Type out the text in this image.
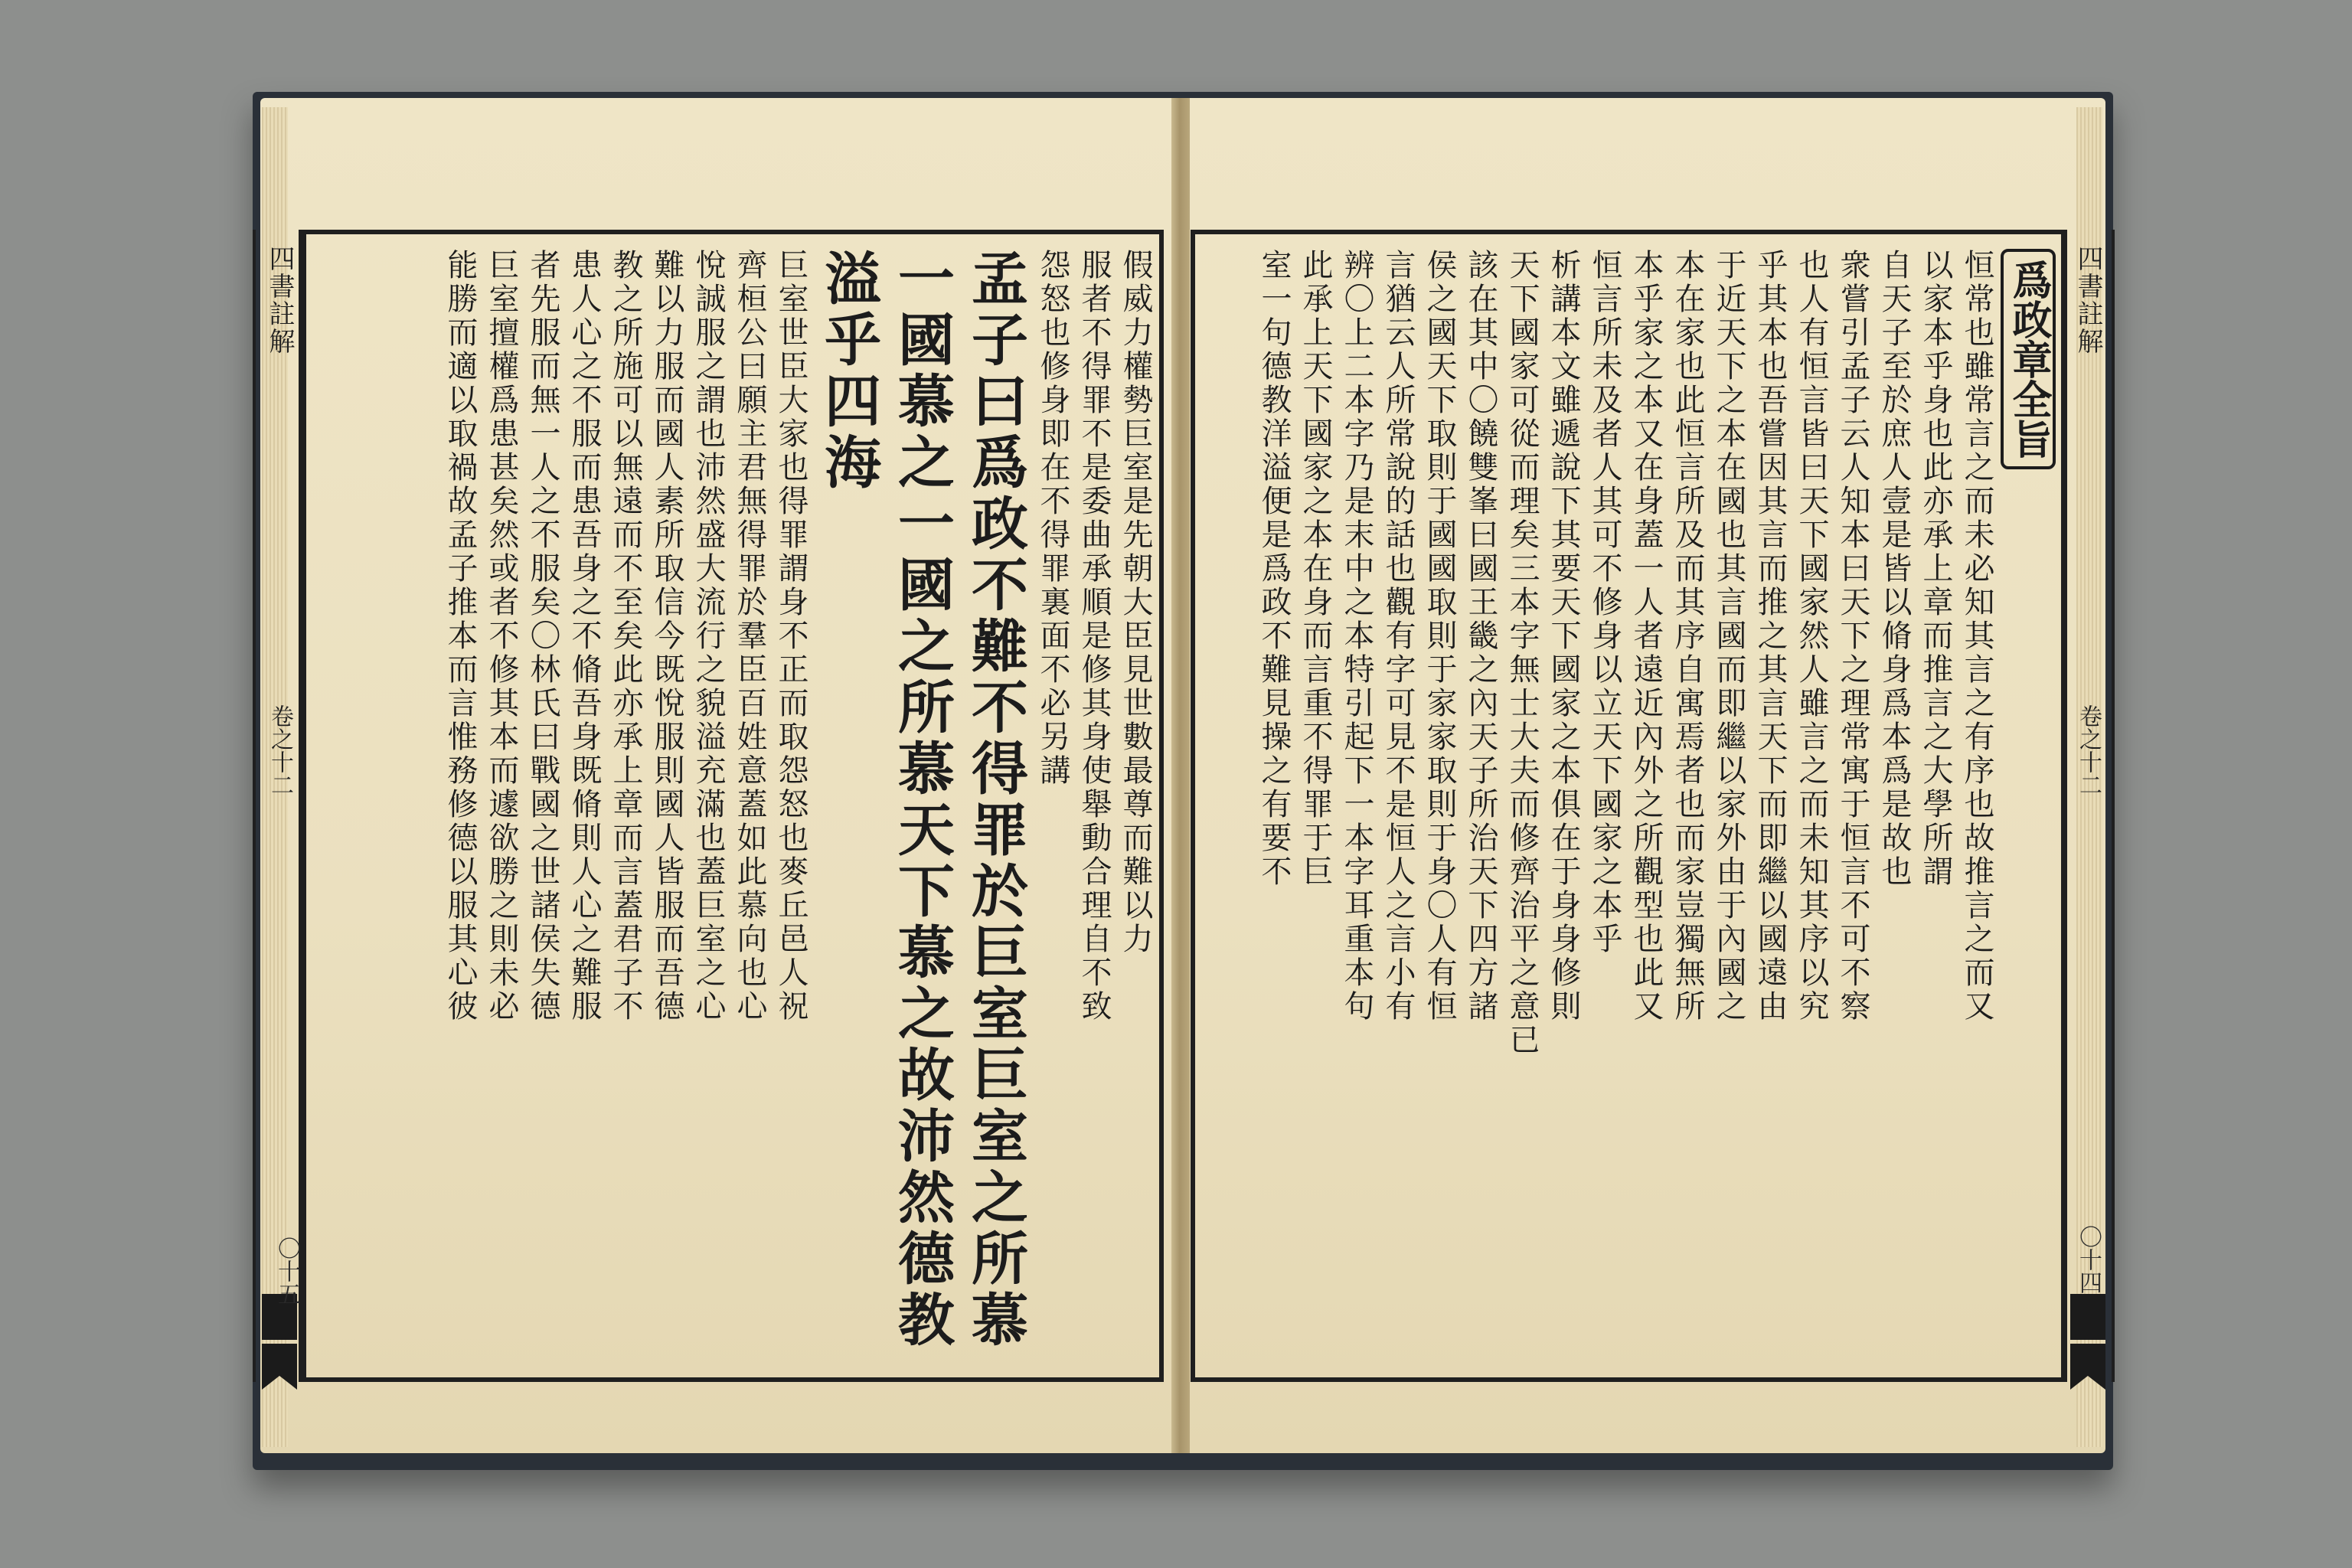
四書註解
卷之十二	假威力權勢巨室是先朝大臣見世數最尊而難以力
服者不得罪不是委曲承順是修其身使舉動合理自不致
怨怒也修身即在不得罪裏面不必另講
孟子曰爲政不難不得罪於巨室巨室之所慕
一國慕之一國之所慕天下慕之故沛然德教
溢乎四海
巨室世臣大家也得罪謂身不正而取怨怒也麥丘邑人祝
齊桓公曰願主君無得罪於羣臣百姓意蓋如此慕向也心
悅誠服之謂也沛然盛大流行之貌溢充滿也蓋巨室之心
難以力服而國人素所取信今既悅服則國人皆服而吾德
教之所施可以無遠而不至矣此亦承上章而言蓋君子不
患人心之不服而患吾身之不脩吾身既脩則人心之難服
者先服而無一人之不服矣〇林氏曰戰國之世諸侯失德
巨室擅權爲患甚矣然或者不修其本而遽欲勝之則未必
能勝而適以取禍故孟子推本而言惟務修德以服其心彼	四書註解
卷之十二
爲政章全旨
恒常也雖常言之而未必知其言之有序也故推言之而又
以家本乎身也此亦承上章而推言之大學所謂
自天子至於庶人壹是皆以脩身爲本爲是故也
衆嘗引孟子云人知本曰天下之理常寓于恒言不可不察
也人有恒言皆曰天下國家然人雖言之而未知其序以究
乎其本也吾嘗因其言而推之其言天下而即繼以國遠由
于近天下之本在國也其言國而即繼以家外由于內國之
本在家也此恒言所及而其序自寓焉者也而家豈獨無所
本乎家之本又在身蓋一人者遠近內外之所觀型也此又
恒言所未及者人其可不修身以立天下國家之本乎
析講本文雖遞說下其要天下國家之本俱在于身身修則
天下國家可從而理矣三本字無士大夫而修齊治平之意已
該在其中〇饒雙峯曰國王畿之內天子所治天下四方諸
侯之國天下取則于國國取則于家家取則于身〇人有恒
言猶云人所常說的話也觀有字可見不是恒人之言小有
辨〇上二本字乃是末中之本特引起下一本字耳重本句
此承上天下國家之本在身而言重不得罪于巨
室一句德教洋溢便是爲政不難見操之有要不
〇十五	〇十四
